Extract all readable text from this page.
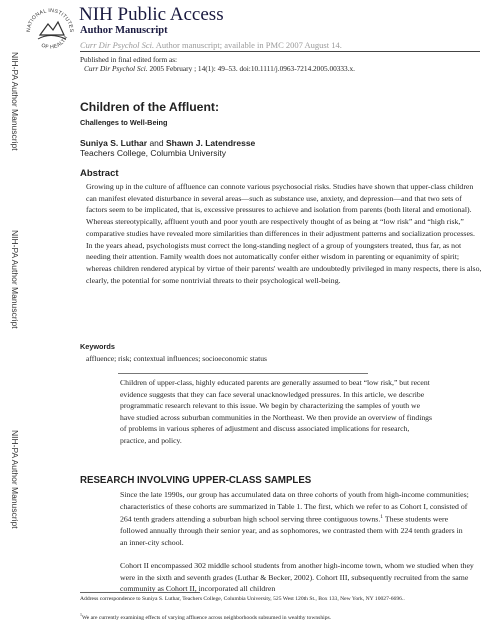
NIH-PA Author Manuscript
NIH-PA Author Manuscript
NIH-PA Author Manuscript
NATIONAL INSTITUTES
OF HEALTH
NIH Public Access
Author Manuscript
Curr Dir Psychol Sci. Author manuscript; available in PMC 2007 August 14.
Published in final edited form as:
Curr Dir Psychol Sci. 2005 February ; 14(1): 49–53. doi:10.1111/j.0963-7214.2005.00333.x.
Children of the Affluent:
Challenges to Well-Being
Suniya S. Luthar and Shawn J. Latendresse
Teachers College, Columbia University
Abstract
Growing up in the culture of affluence can connote various psychosocial risks. Studies have shown that upper-class children can manifest elevated disturbance in several areas—such as substance use, anxiety, and depression—and that two sets of factors seem to be implicated, that is, excessive pressures to achieve and isolation from parents (both literal and emotional). Whereas stereotypically, affluent youth and poor youth are respectively thought of as being at “low risk” and “high risk,” comparative studies have revealed more similarities than differences in their adjustment patterns and socialization processes. In the years ahead, psychologists must correct the long-standing neglect of a group of youngsters treated, thus far, as not needing their attention. Family wealth does not automatically confer either wisdom in parenting or equanimity of spirit; whereas children rendered atypical by virtue of their parents' wealth are undoubtedly privileged in many respects, there is also, clearly, the potential for some nontrivial threats to their psychological well-being.
Keywords
affluence; risk; contextual influences; socioeconomic status
Children of upper-class, highly educated parents are generally assumed to beat “low risk,” but recent evidence suggests that they can face several unacknowledged pressures. In this article, we describe programmatic research relevant to this issue. We begin by characterizing the samples of youth we have studied across suburban communities in the Northeast. We then provide an overview of findings of problems in various spheres of adjustment and discuss associated implications for research, practice, and policy.
RESEARCH INVOLVING UPPER-CLASS SAMPLES
Since the late 1990s, our group has accumulated data on three cohorts of youth from high-income communities; characteristics of these cohorts are summarized in Table 1. The first, which we refer to as Cohort I, consisted of 264 tenth graders attending a suburban high school serving three contiguous towns.$^1$ These students were followed annually through their senior year, and as sophomores, we contrasted them with 224 tenth graders in an inner-city school.
Cohort II encompassed 302 middle school students from another high-income town, whom we studied when they were in the sixth and seventh grades (Luthar & Becker, 2002). Cohort III, subsequently recruited from the same community as Cohort II, incorporated all children
Address correspondence to Suniya S. Luthar, Teachers College, Columbia University, 525 West 120th St., Box 133, New York, NY 10027-6696..
$^1$We are currently examining effects of varying affluence across neighborhoods subsumed in wealthy townships.
